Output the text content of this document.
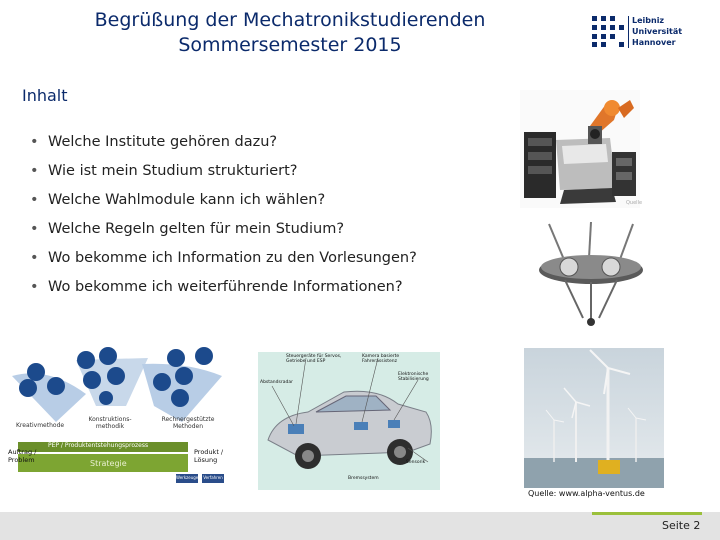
Begrüßung der Mechatronikstudierenden
Sommersemester 2015
Leibniz
Universität
Hannover
Inhalt
• Welche Institute gehören dazu?
• Wie ist mein Studium strukturiert?
• Welche Wahlmodule kann ich wählen?
• Welche Regeln gelten für mein Studium?
• Wo bekomme ich Information zu den Vorlesungen?
• Wo bekomme ich weiterführende Informationen?
Quelle
Kreativmethode
Konstruktions-methodik
Rechnergestützte Methoden
PEP / Produktentstehungsprozess
Strategie
Auftrag /
Problem
Produkt /
Lösung
Werkzeuge	Verfahren
Steuergeräte für Servos, Getriebe und ESP
Kamera basierte Fahrerassistenz
Abstandsradar
Elektronische Stabilisierung
Sensorik
Bremssystem
Quelle: www.alpha-ventus.de
Seite 2
